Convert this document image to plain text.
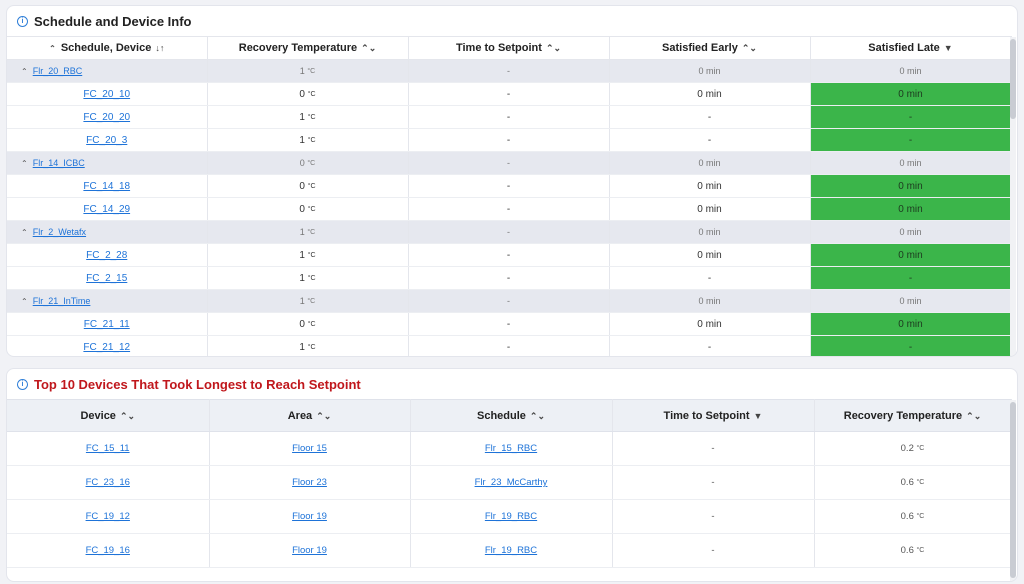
i Schedule and Device Info
⌃ Schedule, Device ↓↑	Recovery Temperature ⌃⌄	Time to Setpoint ⌃⌄	Satisfied Early ⌃⌄	Satisfied Late ▼
⌃ Flr_20_RBC	1 °C	-	0 min	0 min
FC_20_10	0 °C	-	0 min	0 min
FC_20_20	1 °C	-	-	-
FC_20_3	1 °C	-	-	-
⌃ Flr_14_ICBC	0 °C	-	0 min	0 min
FC_14_18	0 °C	-	0 min	0 min
FC_14_29	0 °C	-	0 min	0 min
⌃ Flr_2_Wetafx	1 °C	-	0 min	0 min
FC_2_28	1 °C	-	0 min	0 min
FC_2_15	1 °C	-	-	-
⌃ Flr_21_InTime	1 °C	-	0 min	0 min
FC_21_11	0 °C	-	0 min	0 min
FC_21_12	1 °C	-	-	-
i Top 10 Devices That Took Longest to Reach Setpoint
Device ⌃⌄	Area ⌃⌄	Schedule ⌃⌄	Time to Setpoint ▼	Recovery Temperature ⌃⌄
FC_15_11	Floor 15	Flr_15_RBC	-	0.2 °C
FC_23_16	Floor 23	Flr_23_McCarthy	-	0.6 °C
FC_19_12	Floor 19	Flr_19_RBC	-	0.6 °C
FC_19_16	Floor 19	Flr_19_RBC	-	0.6 °C
